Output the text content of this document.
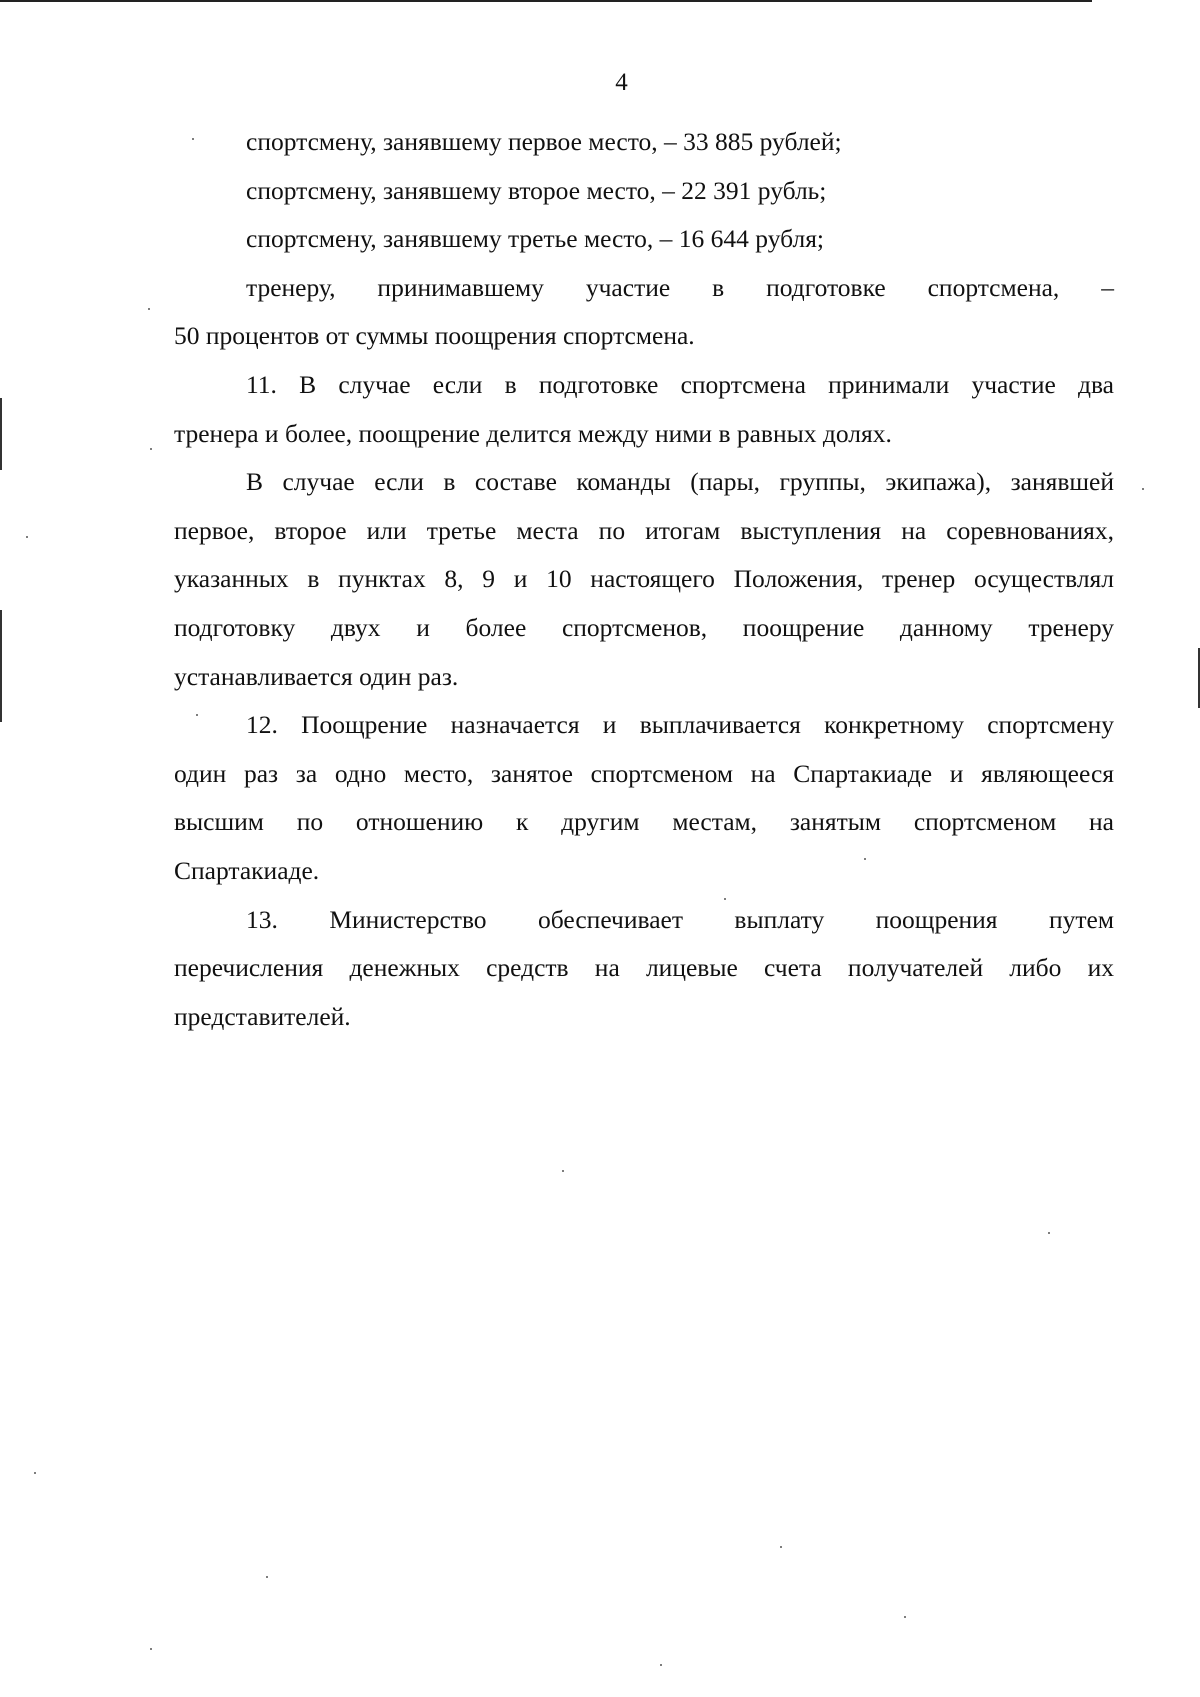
4
спортсмену, занявшему первое место, – 33 885 рублей;
спортсмену, занявшему второе место, – 22 391 рубль;
спортсмену, занявшему третье место, – 16 644 рубля;
тренеру, принимавшему участие в подготовке спортсмена, –
50 процентов от суммы поощрения спортсмена.
11. В случае если в подготовке спортсмена принимали участие два
тренера и более, поощрение делится между ними в равных долях.
В случае если в составе команды (пары, группы, экипажа), занявшей
первое, второе или третье места по итогам выступления на соревнованиях,
указанных в пунктах 8, 9 и 10 настоящего Положения, тренер осуществлял
подготовку двух и более спортсменов, поощрение данному тренеру
устанавливается один раз.
12. Поощрение назначается и выплачивается конкретному спортсмену
один раз за одно место, занятое спортсменом на Спартакиаде и являющееся
высшим по отношению к другим местам, занятым спортсменом на
Спартакиаде.
13. Министерство обеспечивает выплату поощрения путем
перечисления денежных средств на лицевые счета получателей либо их
представителей.
